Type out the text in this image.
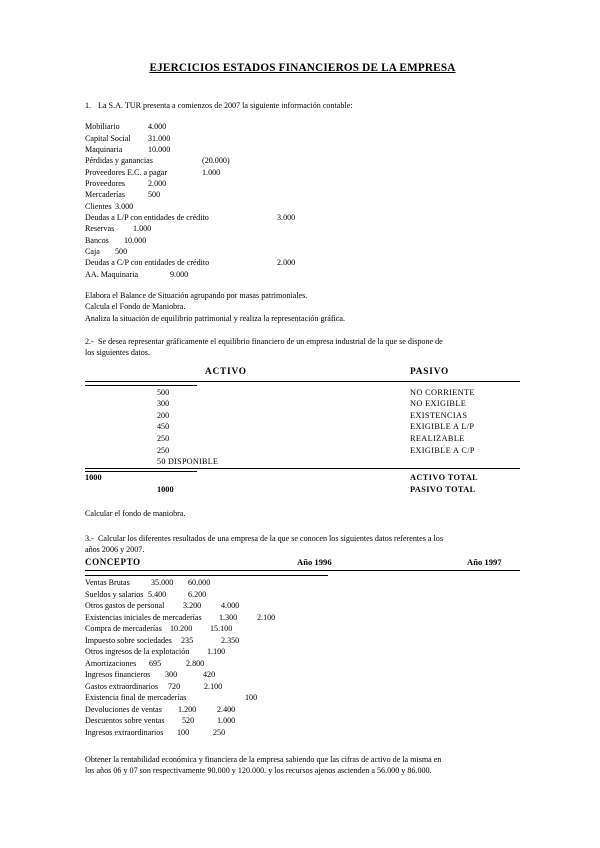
EJERCICIOS ESTADOS FINANCIEROS DE LA EMPRESA
1. La S.A. TUR presenta a comienzos de 2007 la siguiente información contable:
Mobiliario	4.000
Capital Social 31.000
Maquinaria	10.000
Pérdidas y ganancias	(20.000)
Proveedores E.C. a pagar	1.000
Proveedores	2.000
Mercaderías	500
Clientes 3.000
Deudas a L/P con entidades de crédito	3.000
Reservas 1.000
Bancos 10.000
Caja 500
Deudas a C/P con entidades de crédito	2.000
AA. Maquinaria	9.000
Elabora el Balance de Situación agrupando por masas patrimoniales.
Calcula el Fondo de Maniobra.
Analiza la situación de equilibrio patrimonial y realiza la representación gráfica.
2.- Se desea representar gráficamente el equilibrio financiero de un empresa industrial de la que se dispone de
los siguientes datos.
ACTIVO	PASIVO
500	NO CORRIENTE
300	NO EXIGIBLE
200	EXISTENCIAS
450	EXIGIBLE A L/P
250	REALIZABLE
250	EXIGIBLE A C/P
50 DISPONIBLE
1000	ACTIVO TOTAL
1000	PASIVO TOTAL
Calcular el fondo de maniobra.
3.- Calcular los diferentes resultados de una empresa de la que se conocen los siguientes datos referentes a los
años 2006 y 2007.
CONCEPTO	Año 1996	Año 1997
Ventas Brutas	35.000 60.000
Sueldos y salarios 5.400	6.200
Otros gastos de personal 3.200 4.000
Existencias iniciales de mercaderías 1.300 2.100
Compra de mercaderías 10.200 15.100
Impuesto sobre sociedades 235	2.350
Otros ingresos de la explotación 1.100
Amortizaciones 695	2.800
Ingresos financieros 300	420
Gastos extraordinarios 720	2.100
Existencia final de mercaderías	100
Devoluciones de ventas 1.200	2.400
Descuentos sobre ventas 520	1.000
Ingresos extraordinarios 100	250
Obtener la rentabilidad económica y financiera de la empresa sabiendo que las cifras de activo de la misma en
los años 06 y 07 son respectivamente 90.000 y 120.000. y los recursos ajenos ascienden a 56.000 y 86.000.
